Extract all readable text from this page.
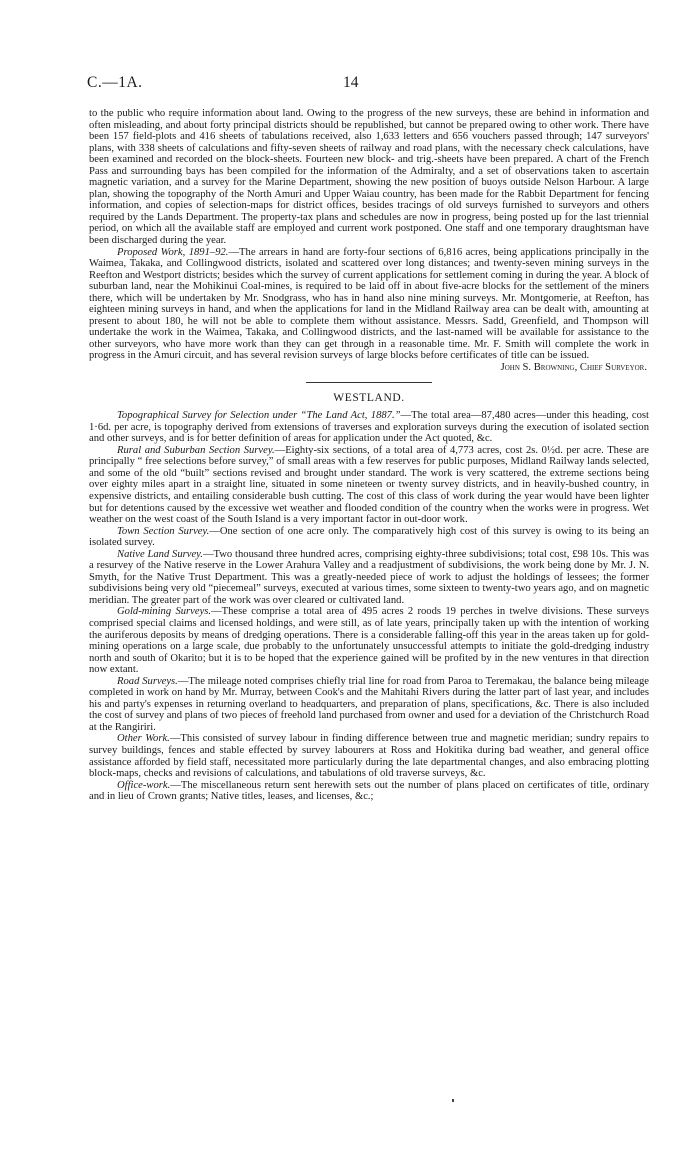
C.—1A.	14

to the public who require information about land. Owing to the progress of the new surveys, these are behind in information and often misleading, and about forty principal districts should be republished, but cannot be prepared owing to other work. There have been 157 field-plots and 416 sheets of tabulations received, also 1,633 letters and 656 vouchers passed through; 147 surveyors' plans, with 338 sheets of calculations and fifty-seven sheets of railway and road plans, with the necessary check calculations, have been examined and recorded on the block-sheets. Fourteen new block- and trig.-sheets have been prepared. A chart of the French Pass and surrounding bays has been compiled for the information of the Admiralty, and a set of observations taken to ascertain magnetic variation, and a survey for the Marine Department, showing the new position of buoys outside Nelson Harbour. A large plan, showing the topography of the North Amuri and Upper Waiau country, has been made for the Rabbit Department for fencing information, and copies of selection-maps for district offices, besides tracings of old surveys furnished to surveyors and others required by the Lands Department. The property-tax plans and schedules are now in progress, being posted up for the last triennial period, on which all the available staff are employed and current work postponed. One staff and one temporary draughtsman have been discharged during the year.

Proposed Work, 1891–92.—The arrears in hand are forty-four sections of 6,816 acres, being applications principally in the Waimea, Takaka, and Collingwood districts, isolated and scattered over long distances; and twenty-seven mining surveys in the Reefton and Westport districts; besides which the survey of current applications for settlement coming in during the year. A block of suburban land, near the Mohikinui Coal-mines, is required to be laid off in about five-acre blocks for the settlement of the miners there, which will be undertaken by Mr. Snodgrass, who has in hand also nine mining surveys. Mr. Montgomerie, at Reefton, has eighteen mining surveys in hand, and when the applications for land in the Midland Railway area can be dealt with, amounting at present to about 180, he will not be able to complete them without assistance. Messrs. Sadd, Greenfield, and Thompson will undertake the work in the Waimea, Takaka, and Collingwood districts, and the last-named will be available for assistance to the other surveyors, who have more work than they can get through in a reasonable time. Mr. F. Smith will complete the work in progress in the Amuri circuit, and has several revision surveys of large blocks before certificates of title can be issued.

John S. Browning, Chief Surveyor.

WESTLAND.

Topographical Survey for Selection under “The Land Act, 1887.”—The total area—87,480 acres—under this heading, cost 1·6d. per acre, is topography derived from extensions of traverses and exploration surveys during the execution of isolated section and other surveys, and is for better definition of areas for application under the Act quoted, &c.

Rural and Suburban Section Survey.—Eighty-six sections, of a total area of 4,773 acres, cost 2s. 0½d. per acre. These are principally “ free selections before survey,” of small areas with a few reserves for public purposes, Midland Railway lands selected, and some of the old “built” sections revised and brought under standard. The work is very scattered, the extreme sections being over eighty miles apart in a straight line, situated in some nineteen or twenty survey districts, and in heavily-bushed country, in expensive districts, and entailing considerable bush cutting. The cost of this class of work during the year would have been lighter but for detentions caused by the excessive wet weather and flooded condition of the country when the works were in progress. Wet weather on the west coast of the South Island is a very important factor in out-door work.

Town Section Survey.—One section of one acre only. The comparatively high cost of this survey is owing to its being an isolated survey.

Native Land Survey.—Two thousand three hundred acres, comprising eighty-three subdivisions; total cost, £98 10s. This was a resurvey of the Native reserve in the Lower Arahura Valley and a readjustment of subdivisions, the work being done by Mr. J. N. Smyth, for the Native Trust Department. This was a greatly-needed piece of work to adjust the holdings of lessees; the former subdivisions being very old “piecemeal” surveys, executed at various times, some sixteen to twenty-two years ago, and on magnetic meridian. The greater part of the work was over cleared or cultivated land.

Gold-mining Surveys.—These comprise a total area of 495 acres 2 roods 19 perches in twelve divisions. These surveys comprised special claims and licensed holdings, and were still, as of late years, principally taken up with the intention of working the auriferous deposits by means of dredging operations. There is a considerable falling-off this year in the areas taken up for gold-mining operations on a large scale, due probably to the unfortunately unsuccessful attempts to initiate the gold-dredging industry north and south of Okarito; but it is to be hoped that the experience gained will be profited by in the new ventures in that direction now extant.

Road Surveys.—The mileage noted comprises chiefly trial line for road from Paroa to Teremakau, the balance being mileage completed in work on hand by Mr. Murray, between Cook's and the Mahitahi Rivers during the latter part of last year, and includes his and party's expenses in returning overland to headquarters, and preparation of plans, specifications, &c. There is also included the cost of survey and plans of two pieces of freehold land purchased from owner and used for a deviation of the Christchurch Road at the Rangiriri.

Other Work.—This consisted of survey labour in finding difference between true and magnetic meridian; sundry repairs to survey buildings, fences and stable effected by survey labourers at Ross and Hokitika during bad weather, and general office assistance afforded by field staff, necessitated more particularly during the late departmental changes, and also embracing plotting block-maps, checks and revisions of calculations, and tabulations of old traverse surveys, &c.

Office-work.—The miscellaneous return sent herewith sets out the number of plans placed on certificates of title, ordinary and in lieu of Crown grants; Native titles, leases, and licenses, &c.;
